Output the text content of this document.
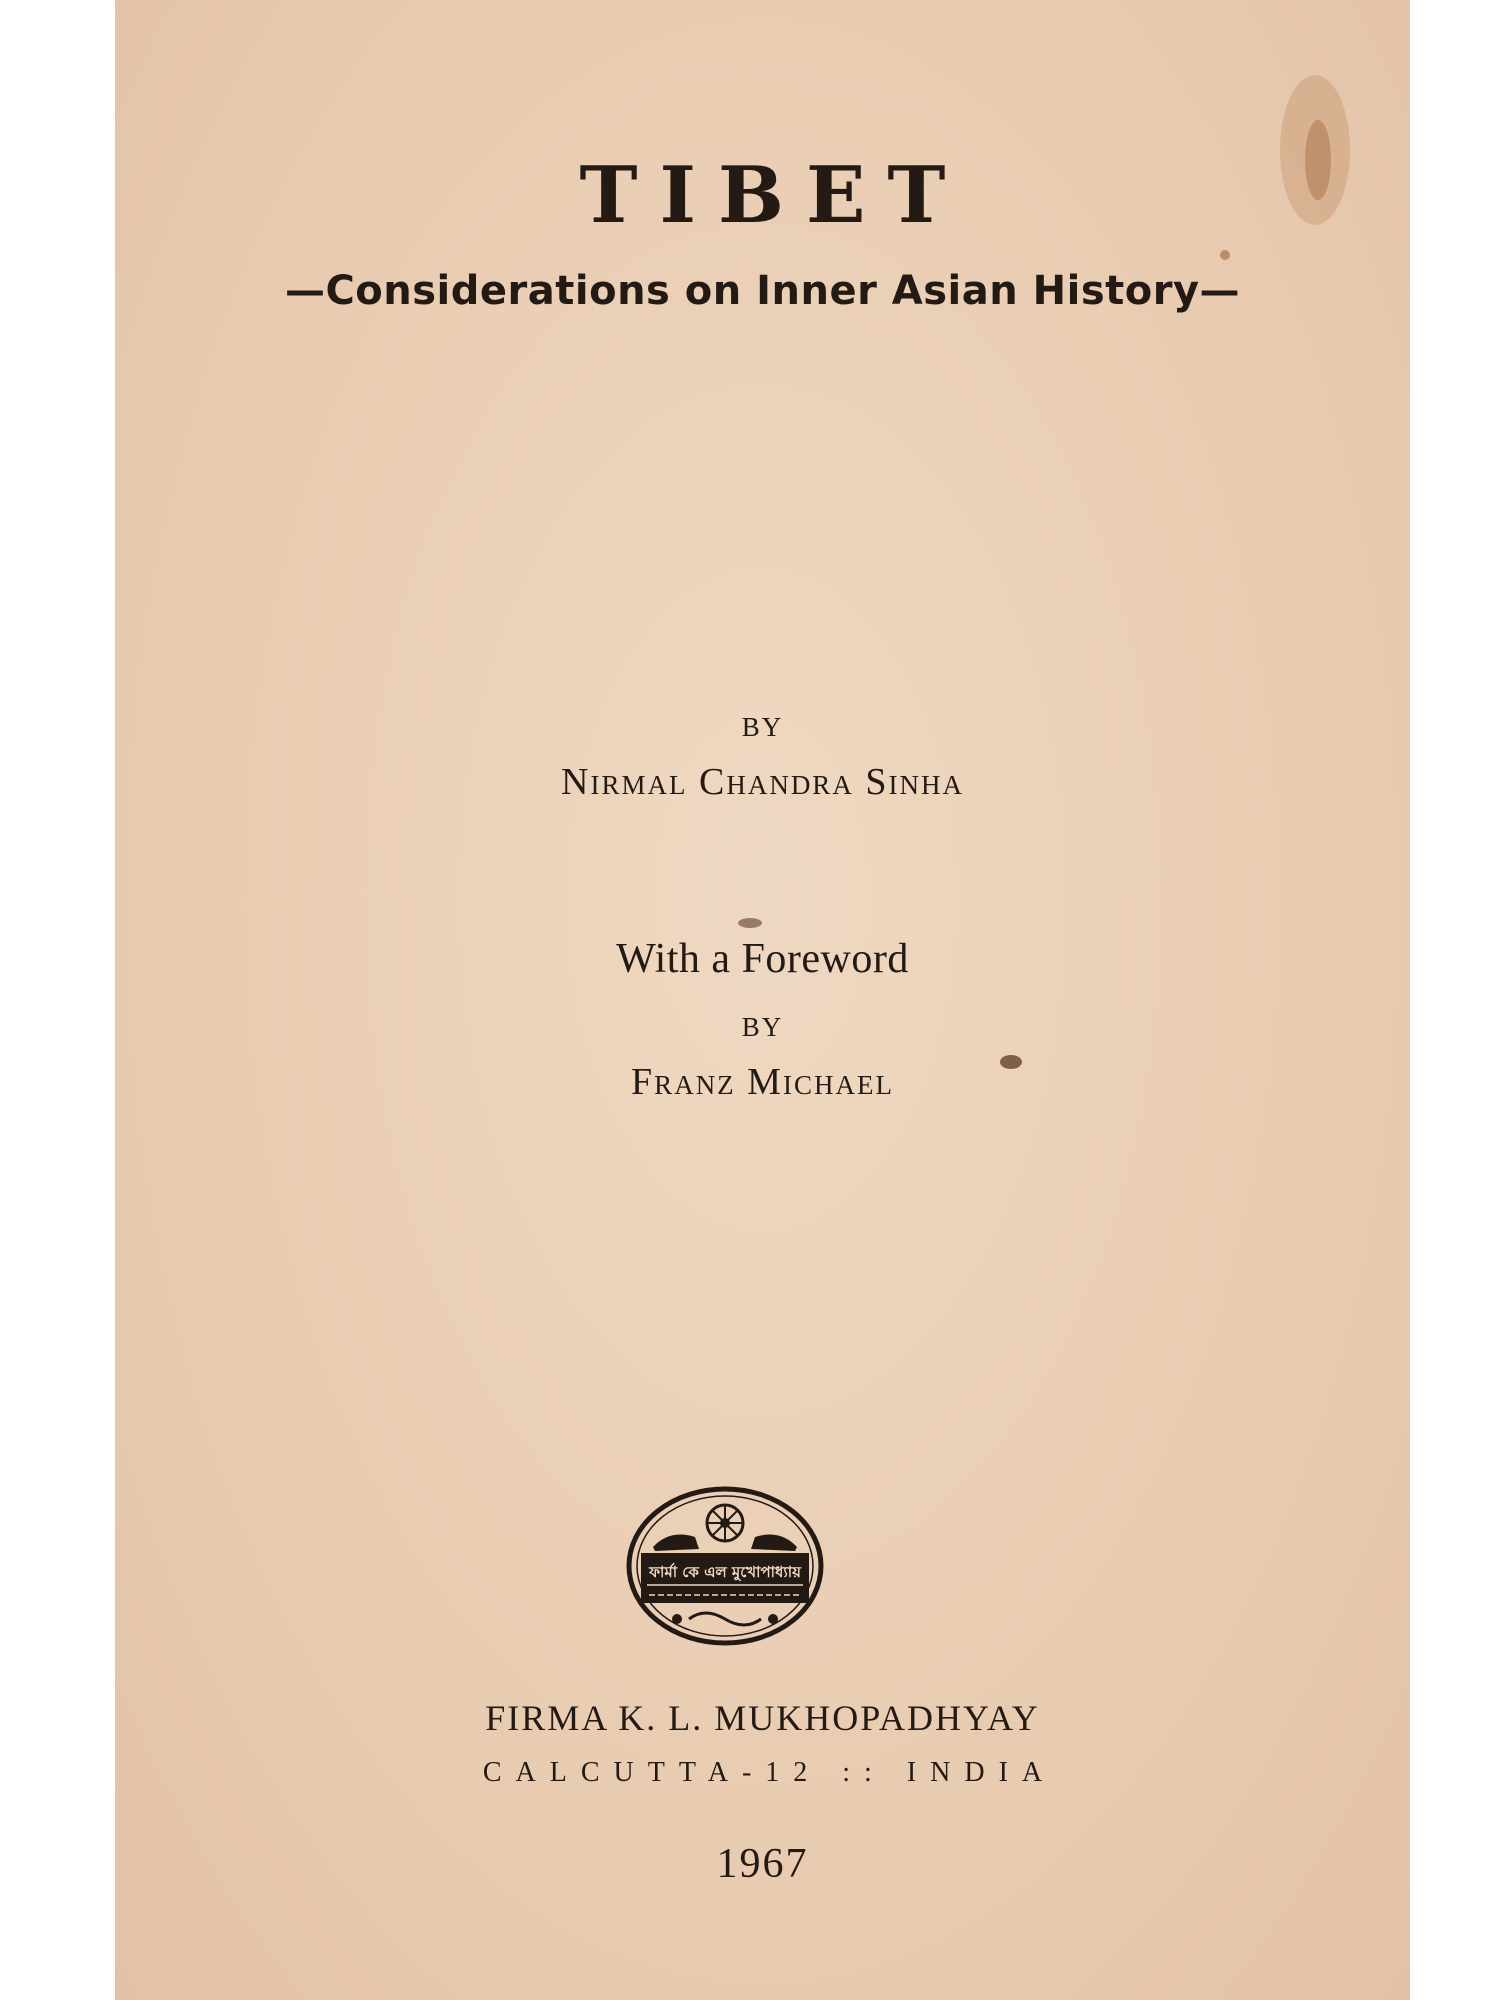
TIBET
—Considerations on Inner Asian History—
BY
Nirmal Chandra Sinha
With a Foreword
BY
Franz Michael
ফার্মা কে এল মুখোপাধ্যায়
FIRMA K. L. MUKHOPADHYAY
CALCUTTA-12 :: INDIA
1967
